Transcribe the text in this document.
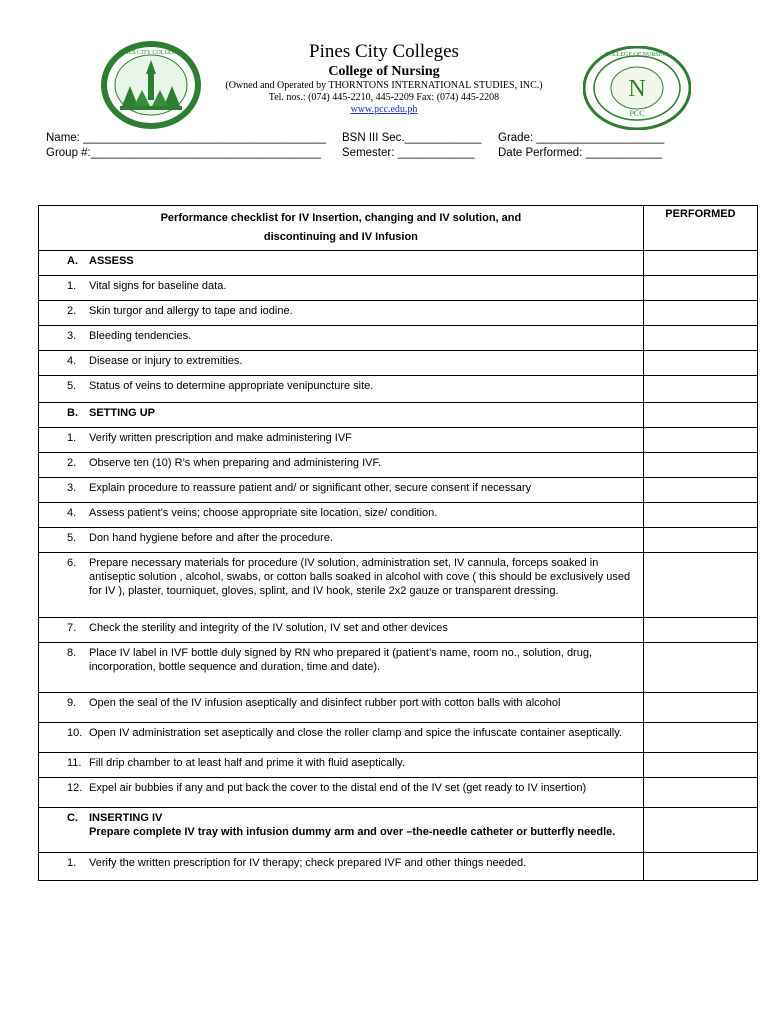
PINES CITY COLLEGES
N
PCC
COLLEGE OF NURSING
Pines City Colleges
College of Nursing
(Owned and Operated by THORNTONS INTERNATIONAL STUDIES, INC.)
Tel. nos.: (074) 445-2210, 445-2209 Fax: (074) 445-2208
www.pcc.edu.ph
Name: ______________________________________
Group #:____________________________________
BSN III Sec.____________
Semester: ____________
Grade: ____________________
Date Performed: ____________
Performance checklist for IV Insertion, changing and IV solution, and
discontinuing and IV Infusion	PERFORMED

A. ASSESS	

1. Vital signs for baseline data.	

2. Skin turgor and allergy to tape and iodine.	

3. Bleeding tendencies.	

4. Disease or injury to extremities.	

5. Status of veins to determine appropriate venipuncture site.	

B. SETTING UP	

1. Verify written prescription and make administering IVF	

2. Observe ten (10) R’s when preparing and administering IVF.	

3. Explain procedure to reassure patient and/ or significant other, secure consent if necessary	

4. Assess patient’s veins; choose appropriate site location, size/ condition.	

5. Don hand hygiene before and after the procedure.	

6. Prepare necessary materials for procedure (IV solution, administration set, IV cannula, forceps soaked in antiseptic solution , alcohol, swabs, or cotton balls soaked in alcohol with cove ( this should be exclusively used for IV ), plaster, tourniquet, gloves, splint, and IV hook, sterile 2x2 gauze or transparent dressing.	

7. Check the sterility and integrity of the IV solution, IV set and other devices	

8. Place IV label in IVF bottle duly signed by RN who prepared it (patient’s name, room no., solution, drug, incorporation, bottle sequence and duration, time and date).	

9. Open the seal of the IV infusion aseptically and disinfect rubber port with cotton balls with alcohol	

10. Open IV administration set aseptically and close the roller clamp and spice the infuscate container aseptically.	

11. Fill drip chamber to at least half and prime it with fluid aseptically.	

12. Expel air bubbies if any and put back the cover to the distal end of the IV set (get ready to IV insertion)	

C. INSERTING IV
Prepare complete IV tray with infusion dummy arm and over –the-needle catheter or butterfly needle.	

1. Verify the written prescription for IV therapy; check prepared IVF and other things needed.	
